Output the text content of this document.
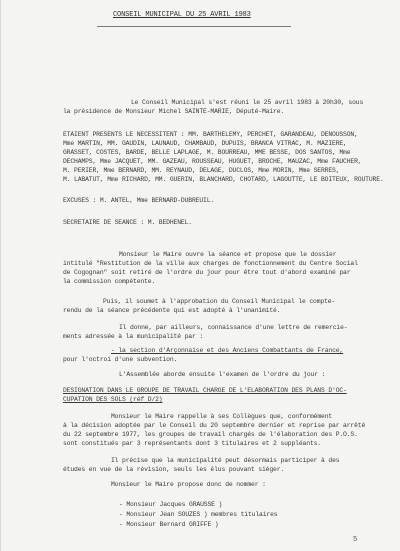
CONSEIL MUNICIPAL DU 25 AVRIL 1983
Le Conseil Municipal s'est réuni le 25 avril 1983 à 20h30, sous
la présidence de Monsieur Michel SAINTE-MARIE, Député-Maire.
ETAIENT PRESENTS LE NECESSITENT : MM. BARTHELEMY, PERCHET, GARANDEAU, DENOUSSON,
Mme MARTIN, MM. GAUDIN, LAUNAUD, CHAMBAUD, DUPUIS, BRANCA VITRAC, M. MAZIERE,
GRASSET, COSTES, BARDE, BELLE LAPLAGE, M. BOURREAU, MME BESSE, DOS SANTOS, Mme
DECHAMPS, Mme JACQUET, MM. GAZEAU, ROUSSEAU, HUGUET, BROCHE, MAUZAC, Mme FAUCHER,
M. PERIER, Mme BERNARD, MM. REYNAUD, DELAGE, DUCLOS, Mme MORIN, Mme SERRES,
M. LABATUT, Mme RICHARD, MM. GUERIN, BLANCHARD, CHOTARD, LAGOUTTE, LE BOITEUX, ROUTURE.
EXCUSES : M. ANTEL, Mme BERNARD-DUBREUIL.
SECRETAIRE DE SEANCE : M. BEDHENEL.
Monsieur le Maire ouvre la séance et propose que le dossier
intitulé "Restitution de la ville aux charges de fonctionnement du Centre Social
de Cogognan" soit retiré de l'ordre du jour pour être tout d'abord examiné par
la commission compétente.
Puis, il soumet à l'approbation du Conseil Municipal le compte-
rendu de la séance précédente qui est adopté à l'unanimité.
Il donne, par ailleurs, connaissance d'une lettre de remercie-
ments adressée à la municipalité par :
- la section d'Arçonnaise et des Anciens Combattants de France,
pour l'octroi d'une subvention.
L'Assemblée aborde ensuite l'examen de l'ordre du jour :
DESIGNATION DANS LE GROUPE DE TRAVAIL CHARGE DE L'ELABORATION DES PLANS D'OC-
CUPATION DES SOLS (réf D/2)
Monsieur le Maire rappelle à ses Collègues que, conformément
à la décision adoptée par le Conseil du 20 septembre dernier et reprise par arrêté
du 22 septembre 1977, les groupes de travail chargés de l'élaboration des P.O.S.
sont constitués par 3 représentants dont 3 titulaires et 2 suppléants.
Il précise que la municipalité peut désormais participer à des
études en vue de la révision, seuls les élus pouvant siéger.
Monsieur le Maire propose donc de nommer :
- Monsieur Jacques GRAUSSE )
- Monsieur Jean SOUZES ) membres titulaires
- Monsieur Bernard GRIFFE )
5
